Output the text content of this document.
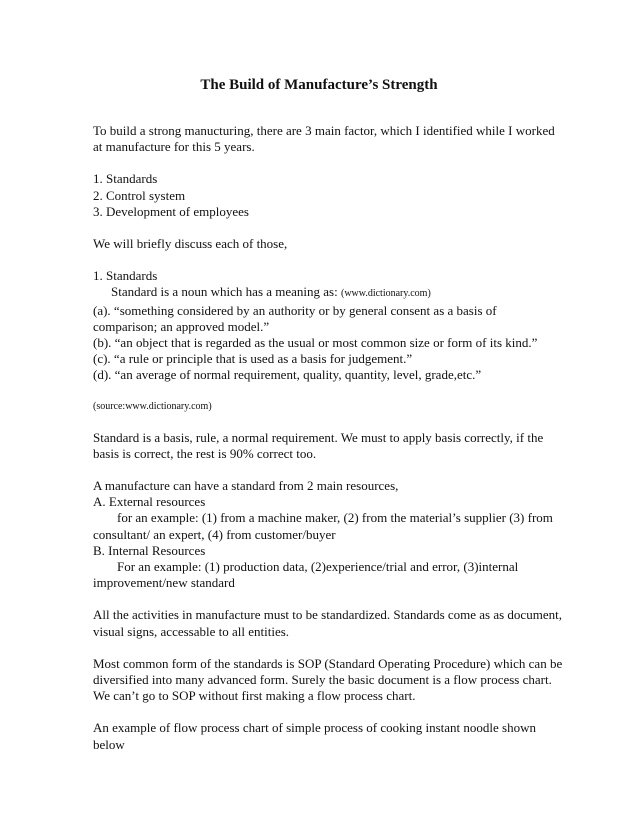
The Build of Manufacture’s Strength

To build a strong manucturing, there are 3 main factor, which I identified while I worked at manufacture for this 5 years.

1. Standards

2. Control system

3. Development of employees

We will briefly discuss each of those,

1. Standards

Standard is a noun which has a meaning as: (www.dictionary.com)

(a). “something considered by an authority or by general consent as a basis of comparison; an approved model.”

(b). “an object that is regarded as the usual or most common size or form of its kind.”

(c). “a rule or principle that is used as a basis for judgement.”

(d). “an average of normal requirement, quality, quantity, level, grade,etc.”

(source:www.dictionary.com)

Standard is a basis, rule, a normal requirement. We must to apply basis correctly, if the basis is correct, the rest is 90% correct too.

A manufacture can have a standard from 2 main resources,

A. External resources

for an example: (1) from a machine maker, (2) from the material’s supplier (3) from

consultant/ an expert, (4) from customer/buyer

B. Internal Resources

For an example: (1) production data, (2)experience/trial and error, (3)internal

improvement/new standard

All the activities in manufacture must to be standardized. Standards come as as document, visual signs, accessable to all entities.

Most common form of the standards is SOP (Standard Operating Procedure) which can be diversified into many advanced form. Surely the basic document is a flow process chart. We can’t go to SOP without first making a flow process chart.

An example of flow process chart of simple process of cooking instant noodle shown below
